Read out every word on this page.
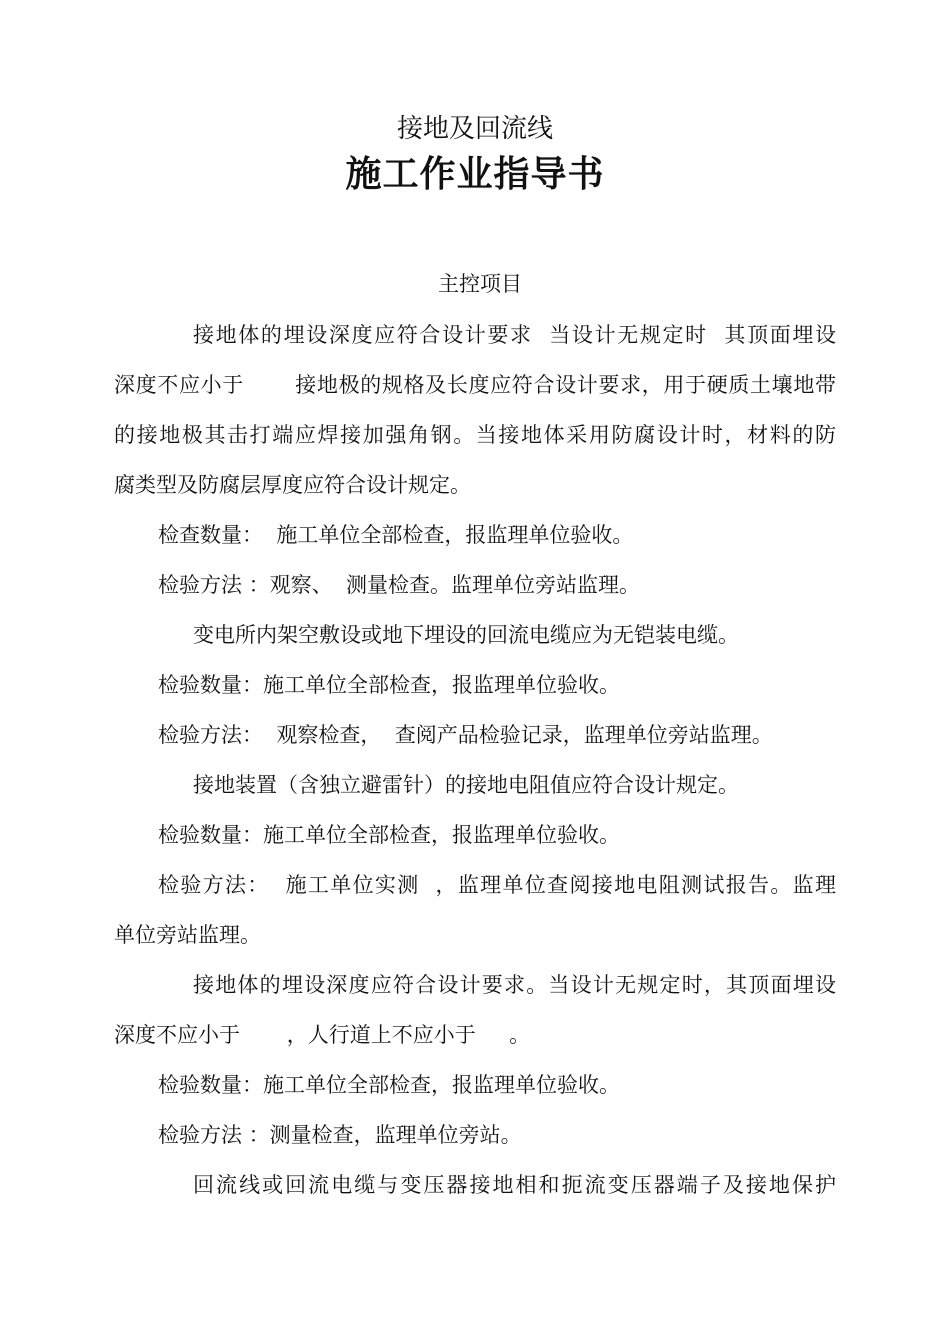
接地及回流线
施工作业指导书
主控项目
接地体的埋设深度应符合设计要求  当设计无规定时  其顶面埋设
深度不应小于       接地极的规格及长度应符合设计要求，用于硬质土壤地带
的接地极其击打端应焊接加强角钢。当接地体采用防腐设计时，材料的防
腐类型及防腐层厚度应符合设计规定。
检查数量：  施工单位全部检查，报监理单位验收。
检验方法 ：观察、  测量检查。监理单位旁站监理。
变电所内架空敷设或地下埋设的回流电缆应为无铠装电缆。
检验数量：施工单位全部检查，报监理单位验收。
检验方法：  观察检查，  查阅产品检验记录，监理单位旁站监理。
接地装置（含独立避雷针）的接地电阻值应符合设计规定。
检验数量：施工单位全部检查，报监理单位验收。
检验方法：  施工单位实测  ，监理单位查阅接地电阻测试报告。监理
单位旁站监理。
接地体的埋设深度应符合设计要求。当设计无规定时，其顶面埋设
深度不应小于       ，人行道上不应小于     。
检验数量：施工单位全部检查，报监理单位验收。
检验方法 ：测量检查，监理单位旁站。
回流线或回流电缆与变压器接地相和扼流变压器端子及接地保护
